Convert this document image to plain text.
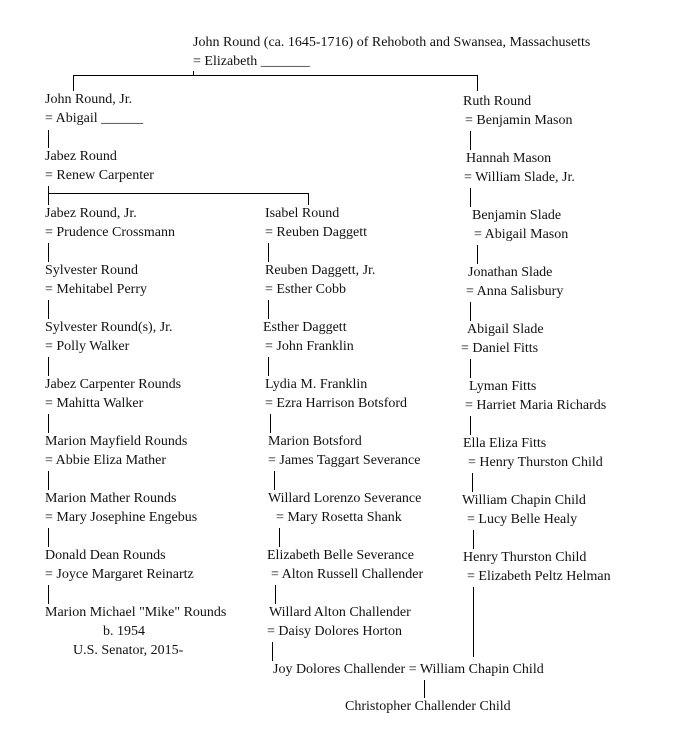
John Round (ca. 1645-1716) of Rehoboth and Swansea, Massachusetts
= Elizabeth _______
John Round, Jr.
= Abigail ______
Jabez Round
= Renew Carpenter
Jabez Round, Jr.
= Prudence Crossmann
Sylvester Round
= Mehitabel Perry
Sylvester Round(s), Jr.
= Polly Walker
Jabez Carpenter Rounds
= Mahitta Walker
Marion Mayfield Rounds
= Abbie Eliza Mather
Marion Mather Rounds
= Mary Josephine Engebus
Donald Dean Rounds
= Joyce Margaret Reinartz
Marion Michael "Mike" Rounds
b. 1954
U.S. Senator, 2015-
Isabel Round
= Reuben Daggett
Reuben Daggett, Jr.
= Esther Cobb
Esther Daggett
= John Franklin
Lydia M. Franklin
= Ezra Harrison Botsford
Marion Botsford
= James Taggart Severance
Willard Lorenzo Severance
= Mary Rosetta Shank
Elizabeth Belle Severance
= Alton Russell Challender
Willard Alton Challender
= Daisy Dolores Horton
Ruth Round
= Benjamin Mason
Hannah Mason
= William Slade, Jr.
Benjamin Slade
= Abigail Mason
Jonathan Slade
= Anna Salisbury
Abigail Slade
= Daniel Fitts
Lyman Fitts
= Harriet Maria Richards
Ella Eliza Fitts
= Henry Thurston Child
William Chapin Child
= Lucy Belle Healy
Henry Thurston Child
= Elizabeth Peltz Helman
Joy Dolores Challender = William Chapin Child
Christopher Challender Child
